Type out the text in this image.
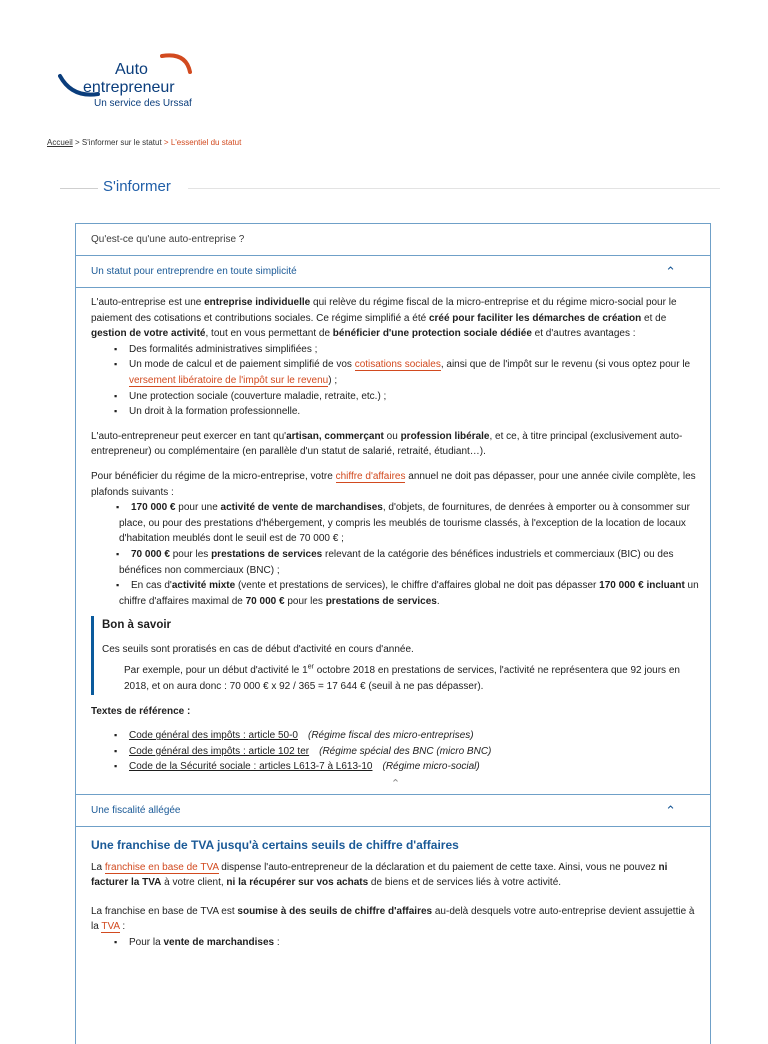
Auto
entrepreneur
Un service des Urssaf
Accueil > S'informer sur le statut > L'essentiel du statut
S'informer
Qu'est-ce qu'une auto-entreprise ?
Un statut pour entreprendre en toute simplicité	⌃

L'auto-entreprise est une entreprise individuelle qui relève du régime fiscal de la micro-entreprise et du régime micro-social pour le paiement des cotisations et contributions sociales. Ce régime simplifié a été créé pour faciliter les démarches de création et de gestion de votre activité, tout en vous permettant de bénéficier d'une protection sociale dédiée et d'autres avantages :

▪ Des formalités administratives simplifiées ;
▪ Un mode de calcul et de paiement simplifié de vos cotisations sociales, ainsi que de l'impôt sur le revenu (si vous optez pour le versement libératoire de l'impôt sur le revenu) ;
▪ Une protection sociale (couverture maladie, retraite, etc.) ;
▪ Un droit à la formation professionnelle.

L'auto-entrepreneur peut exercer en tant qu'artisan, commerçant ou profession libérale, et ce, à titre principal (exclusivement auto-entrepreneur) ou complémentaire (en parallèle d'un statut de salarié, retraité, étudiant…).

Pour bénéficier du régime de la micro-entreprise, votre chiffre d'affaires annuel ne doit pas dépasser, pour une année civile complète, les plafonds suivants :

▪ 170 000 € pour une activité de vente de marchandises, d'objets, de fournitures, de denrées à emporter ou à consommer sur place, ou pour des prestations d'hébergement, y compris les meublés de tourisme classés, à l'exception de la location de locaux d'habitation meublés dont le seuil est de 70 000 € ;
▪ 70 000 € pour les prestations de services relevant de la catégorie des bénéfices industriels et commerciaux (BIC) ou des bénéfices non commerciaux (BNC) ;
▪ En cas d'activité mixte (vente et prestations de services), le chiffre d'affaires global ne doit pas dépasser 170 000 € incluant un chiffre d'affaires maximal de 70 000 € pour les prestations de services.
Bon à savoir

Ces seuils sont proratisés en cas de début d'activité en cours d'année.

Par exemple, pour un début d'activité le 1er octobre 2018 en prestations de services, l'activité ne représentera que 92 jours en 2018, et on aura donc : 70 000 € x 92 / 365 = 17 644 € (seuil à ne pas dépasser).

Textes de référence :

▪ Code général des impôts : article 50-0 (Régime fiscal des micro-entreprises)
▪ Code général des impôts : article 102 ter (Régime spécial des BNC (micro BNC)
▪ Code de la Sécurité sociale : articles L613-7 à L613-10 (Régime micro-social)
⌃
Une fiscalité allégée	⌃
Une franchise de TVA jusqu'à certains seuils de chiffre d'affaires

La franchise en base de TVA dispense l'auto-entrepreneur de la déclaration et du paiement de cette taxe. Ainsi, vous ne pouvez ni facturer la TVA à votre client, ni la récupérer sur vos achats de biens et de services liés à votre activité.

La franchise en base de TVA est soumise à des seuils de chiffre d'affaires au-delà desquels votre auto-entreprise devient assujettie à la TVA :

▪ Pour la vente de marchandises :
